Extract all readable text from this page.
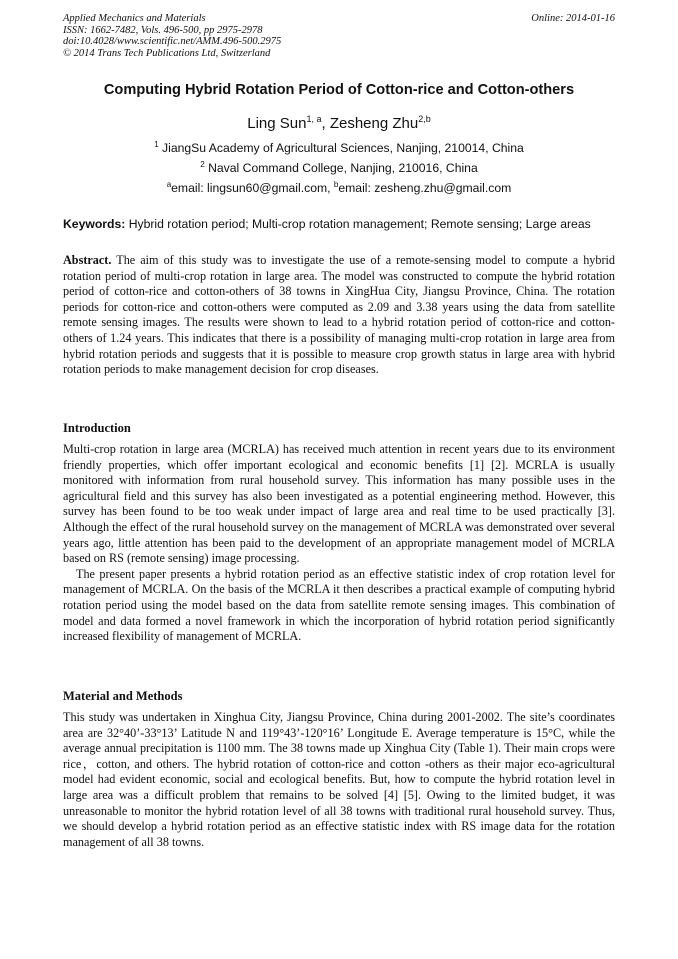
Applied Mechanics and Materials
ISSN: 1662-7482, Vols. 496-500, pp 2975-2978
doi:10.4028/www.scientific.net/AMM.496-500.2975
© 2014 Trans Tech Publications Ltd, Switzerland
Online: 2014-01-16
Computing Hybrid Rotation Period of Cotton-rice and Cotton-others
Ling Sun$^{1, a}$, Zesheng Zhu$^{2,b}$
$^1$ JiangSu Academy of Agricultural Sciences, Nanjing, 210014, China
$^2$ Naval Command College, Nanjing, 210016, China
$^a$email: lingsun60@gmail.com, $^b$email: zesheng.zhu@gmail.com
Keywords: Hybrid rotation period; Multi-crop rotation management; Remote sensing; Large areas

Abstract. The aim of this study was to investigate the use of a remote-sensing model to compute a hybrid rotation period of multi-crop rotation in large area. The model was constructed to compute the hybrid rotation period of cotton-rice and cotton-others of 38 towns in XingHua City, Jiangsu Province, China. The rotation periods for cotton-rice and cotton-others were computed as 2.09 and 3.38 years using the data from satellite remote sensing images. The results were shown to lead to a hybrid rotation period of cotton-rice and cotton-others of 1.24 years. This indicates that there is a possibility of managing multi-crop rotation in large area from hybrid rotation periods and suggests that it is possible to measure crop growth status in large area with hybrid rotation periods to make management decision for crop diseases.

Introduction

Multi-crop rotation in large area (MCRLA) has received much attention in recent years due to its environment friendly properties, which offer important ecological and economic benefits [1] [2]. MCRLA is usually monitored with information from rural household survey. This information has many possible uses in the agricultural field and this survey has also been investigated as a potential engineering method. However, this survey has been found to be too weak under impact of large area and real time to be used practically [3]. Although the effect of the rural household survey on the management of MCRLA was demonstrated over several years ago, little attention has been paid to the development of an appropriate management model of MCRLA based on RS (remote sensing) image processing.

The present paper presents a hybrid rotation period as an effective statistic index of crop rotation level for management of MCRLA. On the basis of the MCRLA it then describes a practical example of computing hybrid rotation period using the model based on the data from satellite remote sensing images. This combination of model and data formed a novel framework in which the incorporation of hybrid rotation period significantly increased flexibility of management of MCRLA.

Material and Methods

This study was undertaken in Xinghua City, Jiangsu Province, China during 2001-2002. The site’s coordinates area are 32°40’-33°13’ Latitude N and 119°43’-120°16’ Longitude E. Average temperature is 15°C, while the average annual precipitation is 1100 mm. The 38 towns made up Xinghua City (Table 1). Their main crops were rice，cotton, and others. The hybrid rotation of cotton-rice and cotton -others as their major eco-agricultural model had evident economic, social and ecological benefits. But, how to compute the hybrid rotation level in large area was a difficult problem that remains to be solved [4] [5]. Owing to the limited budget, it was unreasonable to monitor the hybrid rotation level of all 38 towns with traditional rural household survey. Thus, we should develop a hybrid rotation period as an effective statistic index with RS image data for the rotation management of all 38 towns.
